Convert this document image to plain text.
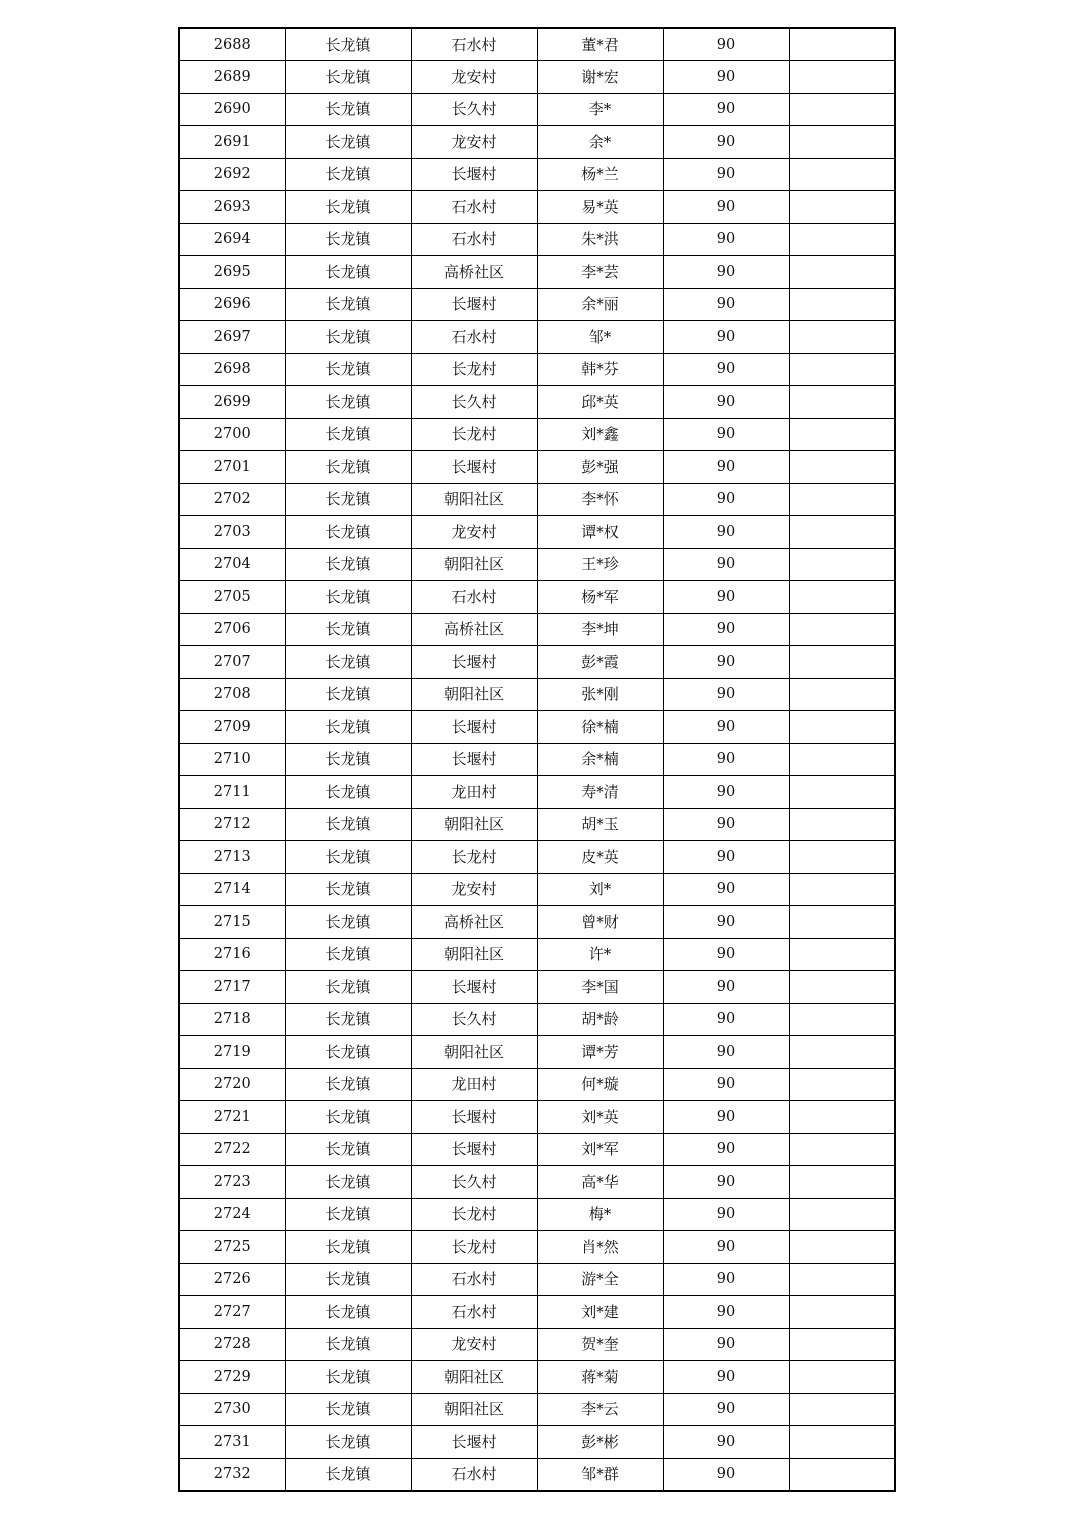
2688	长龙镇	石水村	董*君	90	
2689	长龙镇	龙安村	谢*宏	90	
2690	长龙镇	长久村	李*	90	
2691	长龙镇	龙安村	余*	90	
2692	长龙镇	长堰村	杨*兰	90	
2693	长龙镇	石水村	易*英	90	
2694	长龙镇	石水村	朱*洪	90	
2695	长龙镇	高桥社区	李*芸	90	
2696	长龙镇	长堰村	余*丽	90	
2697	长龙镇	石水村	邹*	90	
2698	长龙镇	长龙村	韩*芬	90	
2699	长龙镇	长久村	邱*英	90	
2700	长龙镇	长龙村	刘*鑫	90	
2701	长龙镇	长堰村	彭*强	90	
2702	长龙镇	朝阳社区	李*怀	90	
2703	长龙镇	龙安村	谭*权	90	
2704	长龙镇	朝阳社区	王*珍	90	
2705	长龙镇	石水村	杨*军	90	
2706	长龙镇	高桥社区	李*坤	90	
2707	长龙镇	长堰村	彭*霞	90	
2708	长龙镇	朝阳社区	张*刚	90	
2709	长龙镇	长堰村	徐*楠	90	
2710	长龙镇	长堰村	余*楠	90	
2711	长龙镇	龙田村	寿*清	90	
2712	长龙镇	朝阳社区	胡*玉	90	
2713	长龙镇	长龙村	皮*英	90	
2714	长龙镇	龙安村	刘*	90	
2715	长龙镇	高桥社区	曾*财	90	
2716	长龙镇	朝阳社区	许*	90	
2717	长龙镇	长堰村	李*国	90	
2718	长龙镇	长久村	胡*龄	90	
2719	长龙镇	朝阳社区	谭*芳	90	
2720	长龙镇	龙田村	何*璇	90	
2721	长龙镇	长堰村	刘*英	90	
2722	长龙镇	长堰村	刘*军	90	
2723	长龙镇	长久村	高*华	90	
2724	长龙镇	长龙村	梅*	90	
2725	长龙镇	长龙村	肖*然	90	
2726	长龙镇	石水村	游*全	90	
2727	长龙镇	石水村	刘*建	90	
2728	长龙镇	龙安村	贺*奎	90	
2729	长龙镇	朝阳社区	蒋*菊	90	
2730	长龙镇	朝阳社区	李*云	90	
2731	长龙镇	长堰村	彭*彬	90	
2732	长龙镇	石水村	邹*群	90	
